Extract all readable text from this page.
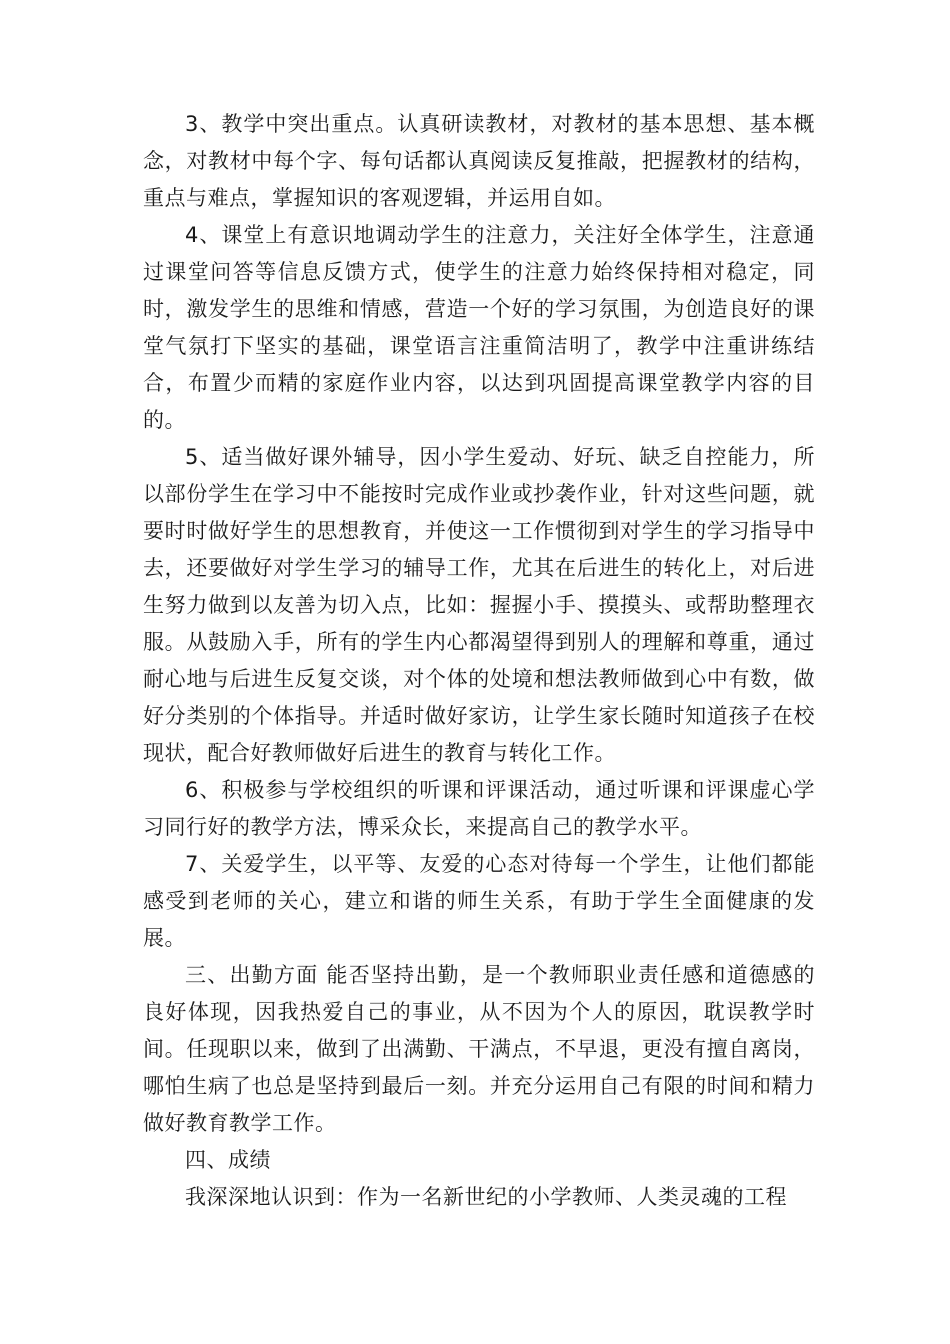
3、教学中突出重点。认真研读教材，对教材的基本思想、基本概念，对教材中每个字、每句话都认真阅读反复推敲，把握教材的结构，重点与难点，掌握知识的客观逻辑，并运用自如。

4、课堂上有意识地调动学生的注意力，关注好全体学生，注意通过课堂问答等信息反馈方式，使学生的注意力始终保持相对稳定，同时，激发学生的思维和情感，营造一个好的学习氛围，为创造良好的课堂气氛打下坚实的基础，课堂语言注重简洁明了，教学中注重讲练结合，布置少而精的家庭作业内容，以达到巩固提高课堂教学内容的目的。

5、适当做好课外辅导，因小学生爱动、好玩、缺乏自控能力，所以部份学生在学习中不能按时完成作业或抄袭作业，针对这些问题，就要时时做好学生的思想教育，并使这一工作惯彻到对学生的学习指导中去，还要做好对学生学习的辅导工作，尤其在后进生的转化上，对后进生努力做到以友善为切入点，比如：握握小手、摸摸头、或帮助整理衣服。从鼓励入手，所有的学生内心都渴望得到别人的理解和尊重，通过耐心地与后进生反复交谈，对个体的处境和想法教师做到心中有数，做好分类别的个体指导。并适时做好家访，让学生家长随时知道孩子在校现状，配合好教师做好后进生的教育与转化工作。

6、积极参与学校组织的听课和评课活动，通过听课和评课虚心学习同行好的教学方法，博采众长，来提高自己的教学水平。

7、关爱学生，以平等、友爱的心态对待每一个学生，让他们都能感受到老师的关心，建立和谐的师生关系，有助于学生全面健康的发展。

三、出勤方面 能否坚持出勤，是一个教师职业责任感和道德感的良好体现，因我热爱自己的事业，从不因为个人的原因，耽误教学时间。任现职以来，做到了出满勤、干满点，不早退，更没有擅自离岗，哪怕生病了也总是坚持到最后一刻。并充分运用自己有限的时间和精力做好教育教学工作。

四、成绩

我深深地认识到：作为一名新世纪的小学教师、人类灵魂的工程
